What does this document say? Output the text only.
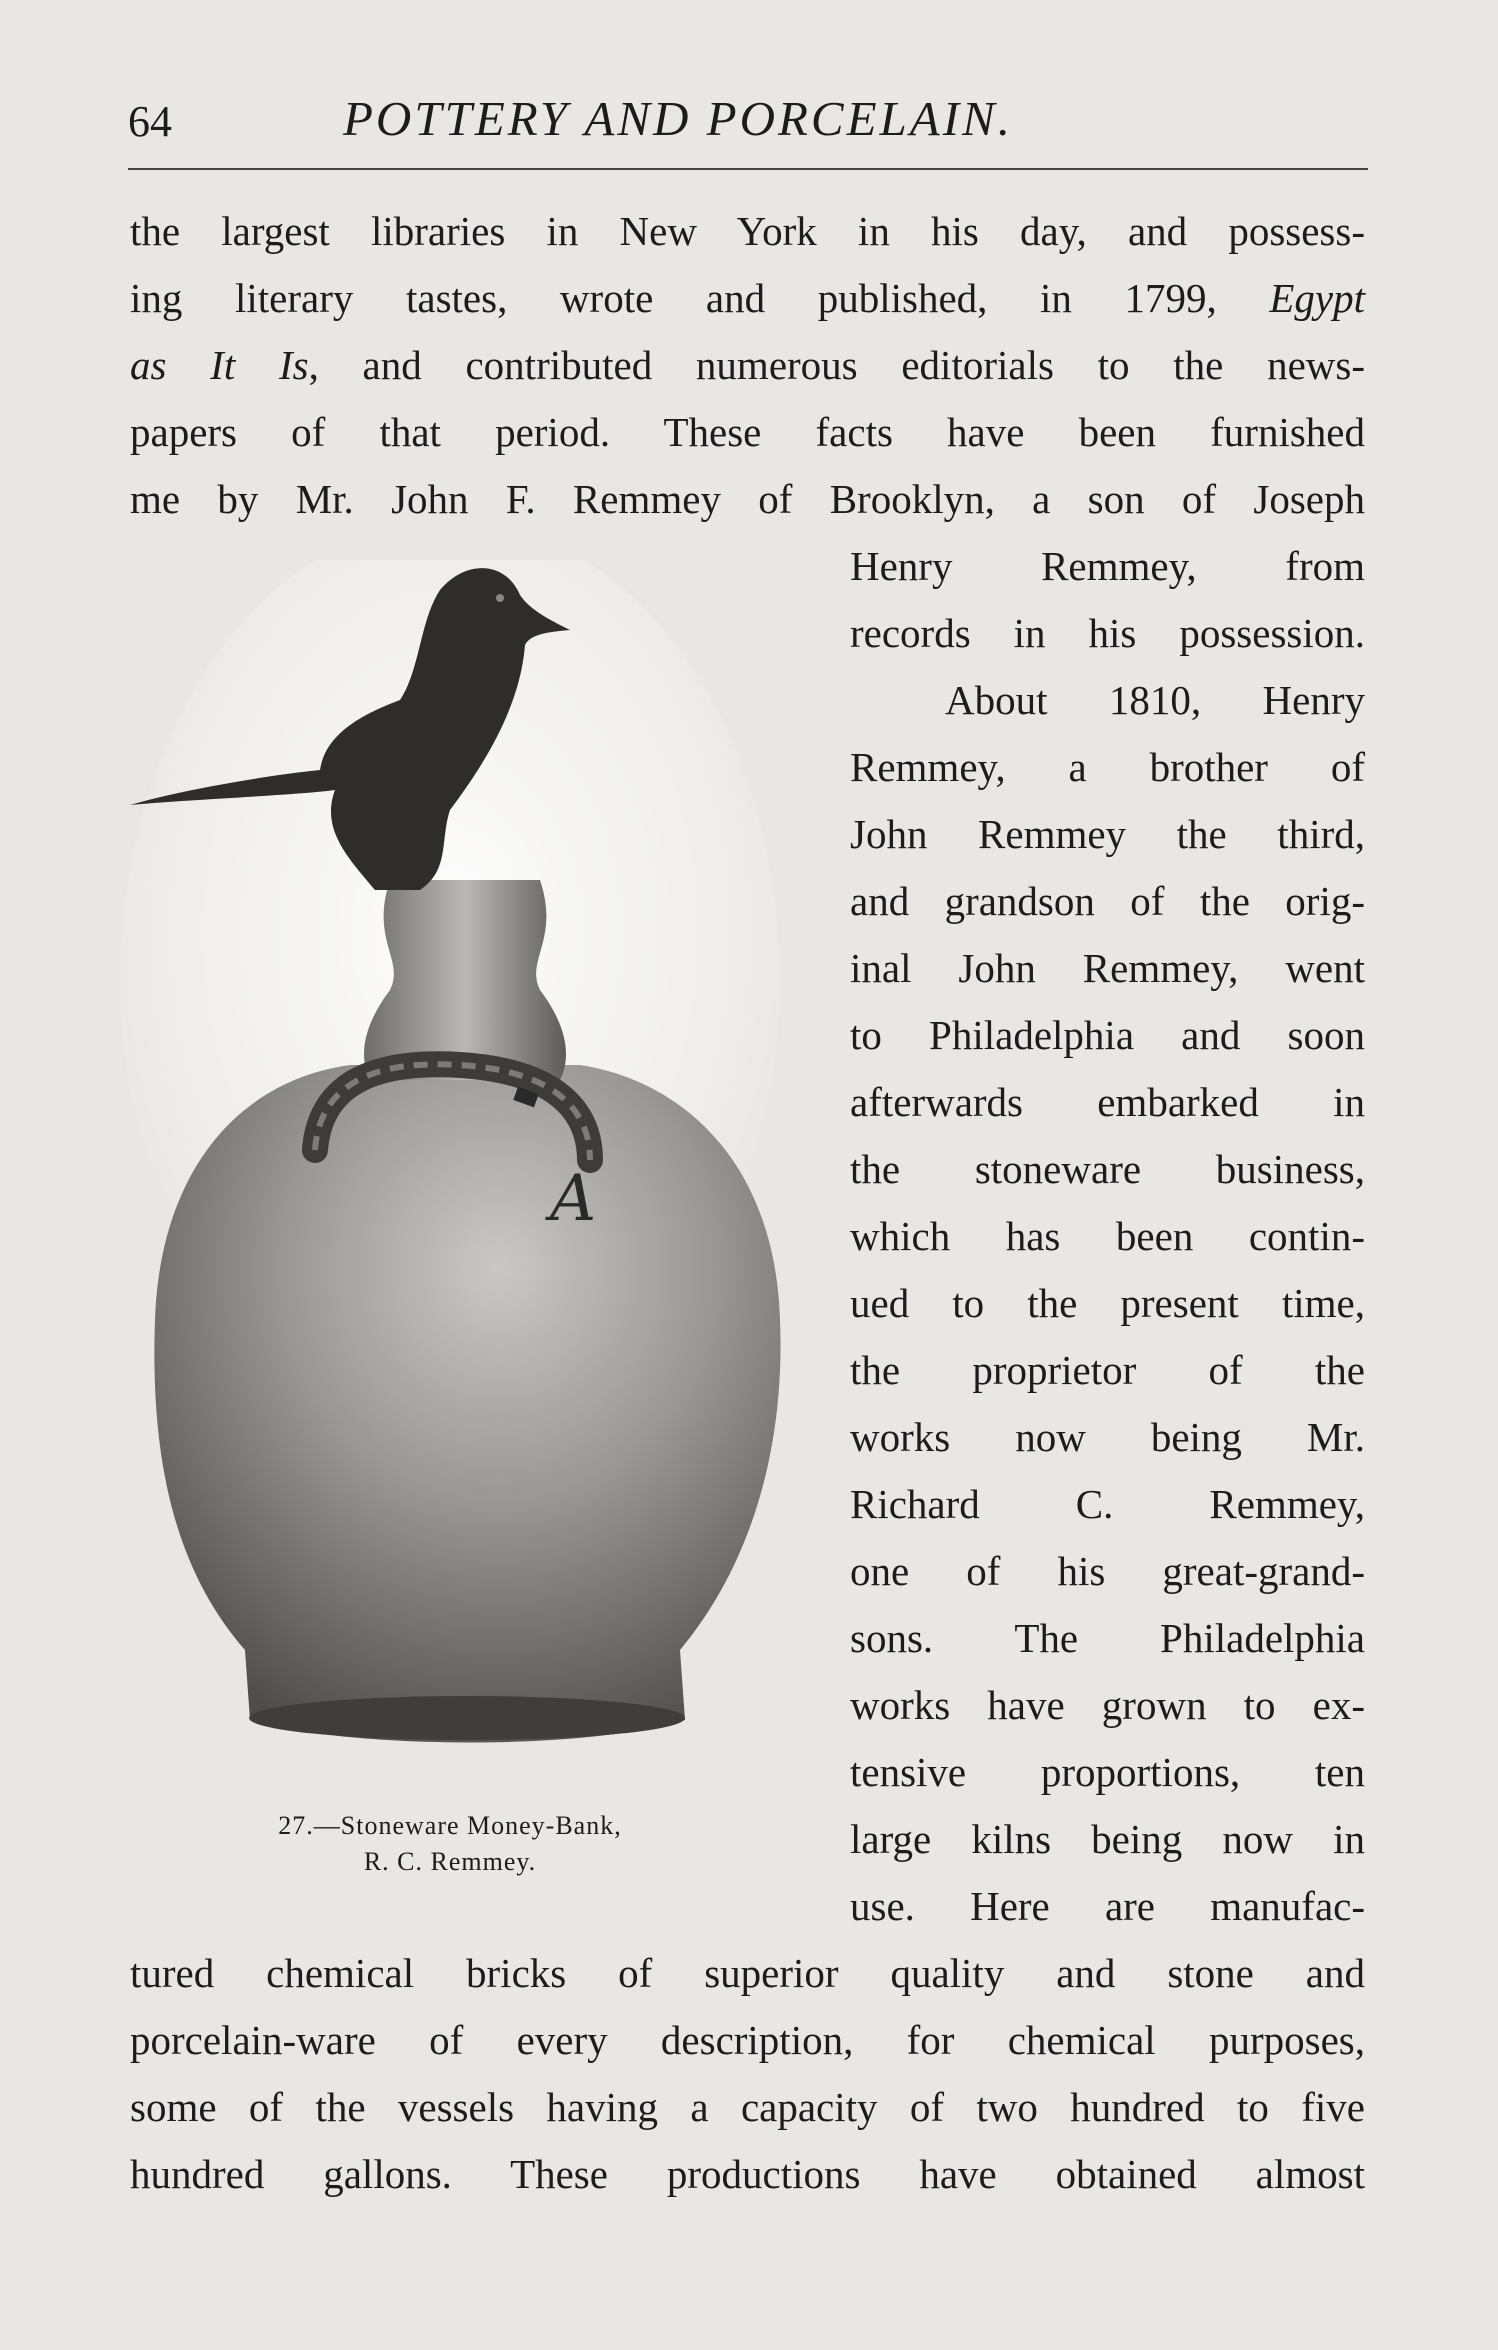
64	POTTERY AND PORCELAIN.
the largest libraries in New York in his day, and possess-
ing literary tastes, wrote and published, in 1799, Egypt
as It Is, and contributed numerous editorials to the news-
papers of that period. These facts have been furnished
me by Mr. John F. Remmey of Brooklyn, a son of Joseph
Henry Remmey, from
records in his possession.
About 1810, Henry
Remmey, a brother of
John Remmey the third,
and grandson of the orig-
inal John Remmey, went
to Philadelphia and soon
afterwards embarked in
the stoneware business,
which has been contin-
ued to the present time,
the proprietor of the
works now being Mr.
Richard C. Remmey,
one of his great-grand-
sons. The Philadelphia
works have grown to ex-
tensive proportions, ten
large kilns being now in
use. Here are manufac-
tured chemical bricks of superior quality and stone and
porcelain-ware of every description, for chemical purposes,
some of the vessels having a capacity of two hundred to five
hundred gallons. These productions have obtained almost
A
27.—Stoneware Money-Bank,
R. C. Remmey.
